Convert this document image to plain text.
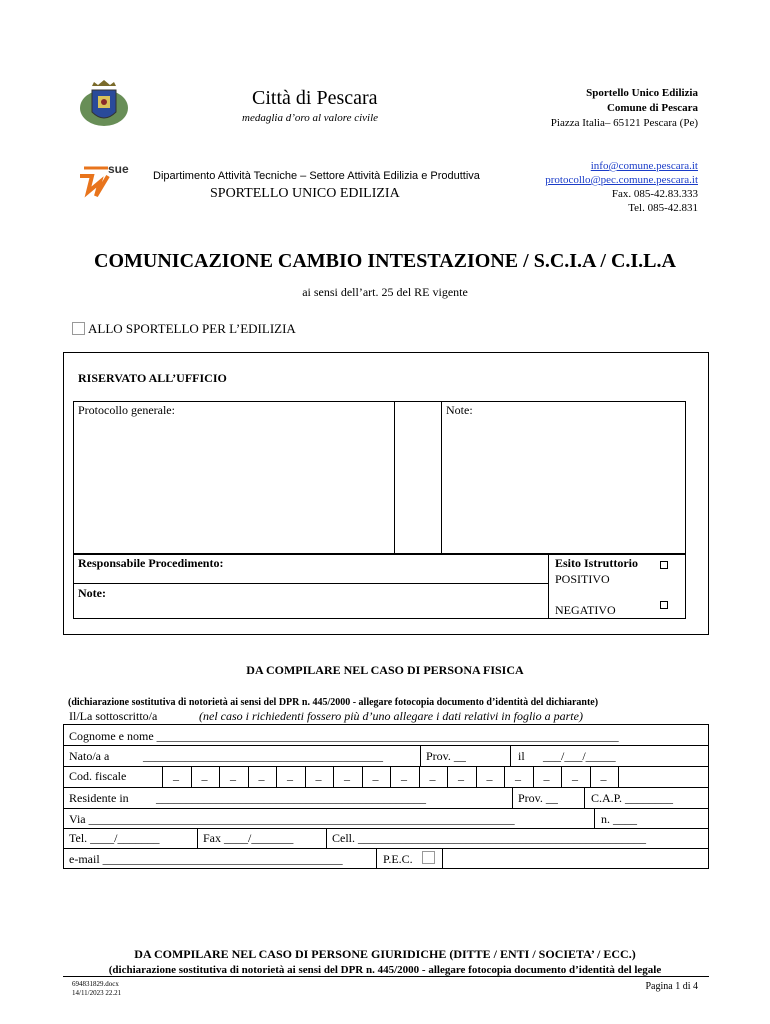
Città di Pescara
medaglia d’oro al valore civile
Sportello Unico Edilizia
Comune di Pescara
Piazza Italia– 65121 Pescara (Pe)
sue Dipartimento Attività Tecniche – Settore Attività Edilizia e Produttiva
SPORTELLO UNICO EDILIZIA
info@comune.pescara.it
protocollo@pec.comune.pescara.it
Fax. 085-42.83.333
Tel. 085-42.831
COMUNICAZIONE CAMBIO INTESTAZIONE / S.C.I.A / C.I.L.A
ai sensi dell’art. 25 del RE vigente
ALLO SPORTELLO PER L’EDILIZIA
RISERVATO ALL’UFFICIO
Protocollo generale:	Note:
Responsabile Procedimento:
Note:
Esito Istruttorio
POSITIVO
NEGATIVO
DA COMPILARE NEL CASO DI PERSONA FISICA
(dichiarazione sostitutiva di notorietà ai sensi del DPR n. 445/2000 - allegare fotocopia documento d’identità del dichiarante)
Il/La sottoscritto/a	(nel caso i richiedenti fossero più d’uno allegare i dati relativi in foglio a parte)
Cognome e nome _____________________________________________________________________________
Nato/a a	________________________________________	Prov. __	il ___/___/_____
Cod. fiscale	_ _ _ _ _ _ _ _ _ _ _ _ _ _ _ _
Residente in _____________________________________________	Prov. __	C.A.P. ________
Via _______________________________________________________________________	n. ____
Tel. ____/_______	Fax ____/_______	Cell. ________________________________________________
e-mail ________________________________________	P.E.C.
DA COMPILARE NEL CASO DI PERSONE GIURIDICHE (DITTE / ENTI / SOCIETA’ / ECC.)
(dichiarazione sostitutiva di notorietà ai sensi del DPR n. 445/2000 - allegare fotocopia documento d’identità del legale
694831829.docx
14/11/2023 22.21
Pagina 1 di 4
